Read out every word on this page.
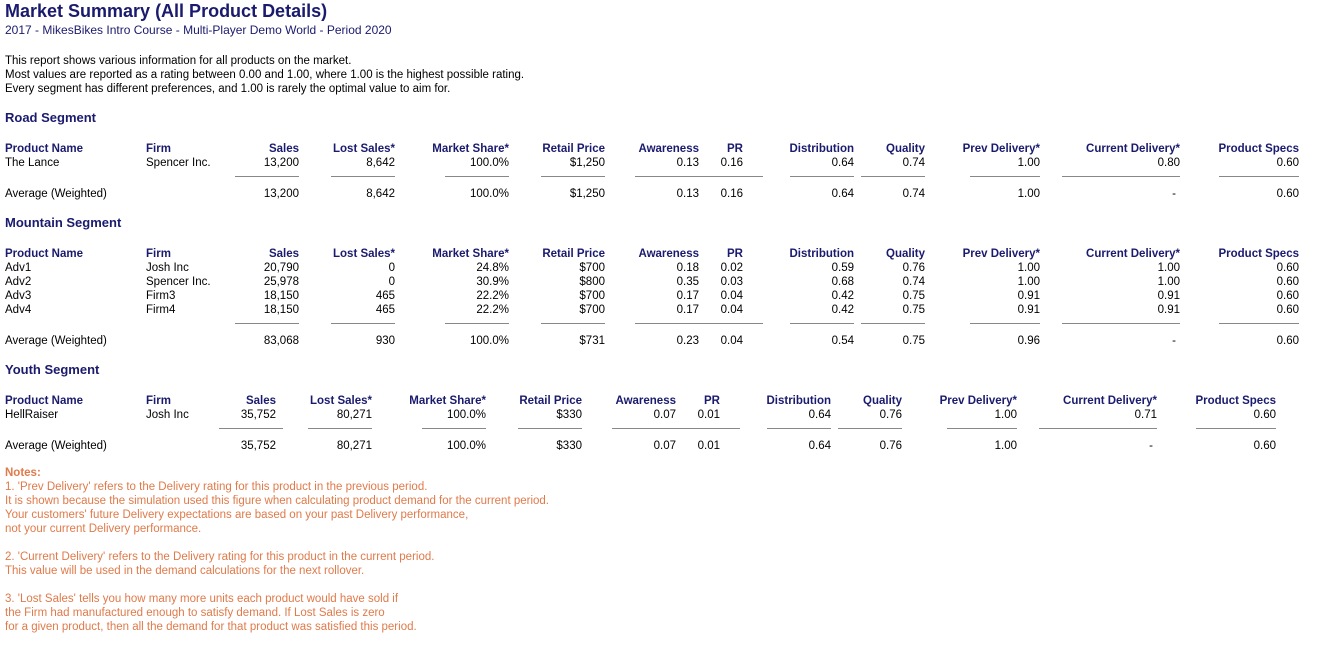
Market Summary (All Product Details)
2017 - MikesBikes Intro Course - Multi-Player Demo World - Period 2020
This report shows various information for all products on the market.
Most values are reported as a rating between 0.00 and 1.00, where 1.00 is the highest possible rating.
Every segment has different preferences, and 1.00 is rarely the optimal value to aim for.
Road Segment
Product Name	Firm	Sales	Lost Sales*	Market Share*	Retail Price	Awareness	PR	Distribution	Quality	Prev Delivery*	Current Delivery*	Product Specs
The Lance	Spencer Inc.	13,200	8,642	100.0%	$1,250	0.13	0.16	0.64	0.74	1.00	0.80	0.60

Average (Weighted)		13,200	8,642	100.0%	$1,250	0.13	0.16	0.64	0.74	1.00	-	0.60
Mountain Segment
Product Name	Firm	Sales	Lost Sales*	Market Share*	Retail Price	Awareness	PR	Distribution	Quality	Prev Delivery*	Current Delivery*	Product Specs
Adv1	Josh Inc	20,790	0	24.8%	$700	0.18	0.02	0.59	0.76	1.00	1.00	0.60
Adv2	Spencer Inc.	25,978	0	30.9%	$800	0.35	0.03	0.68	0.74	1.00	1.00	0.60
Adv3	Firm3	18,150	465	22.2%	$700	0.17	0.04	0.42	0.75	0.91	0.91	0.60
Adv4	Firm4	18,150	465	22.2%	$700	0.17	0.04	0.42	0.75	0.91	0.91	0.60

Average (Weighted)		83,068	930	100.0%	$731	0.23	0.04	0.54	0.75	0.96	-	0.60
Youth Segment
Product Name	Firm	Sales	Lost Sales*	Market Share*	Retail Price	Awareness	PR	Distribution	Quality	Prev Delivery*	Current Delivery*	Product Specs
HellRaiser	Josh Inc	35,752	80,271	100.0%	$330	0.07	0.01	0.64	0.76	1.00	0.71	0.60

Average (Weighted)		35,752	80,271	100.0%	$330	0.07	0.01	0.64	0.76	1.00	-	0.60
Notes:
1. 'Prev Delivery' refers to the Delivery rating for this product in the previous period.
It is shown because the simulation used this figure when calculating product demand for the current period.
Your customers' future Delivery expectations are based on your past Delivery performance,
not your current Delivery performance.
2. 'Current Delivery' refers to the Delivery rating for this product in the current period.
This value will be used in the demand calculations for the next rollover.
3. 'Lost Sales' tells you how many more units each product would have sold if
the Firm had manufactured enough to satisfy demand. If Lost Sales is zero
for a given product, then all the demand for that product was satisfied this period.
